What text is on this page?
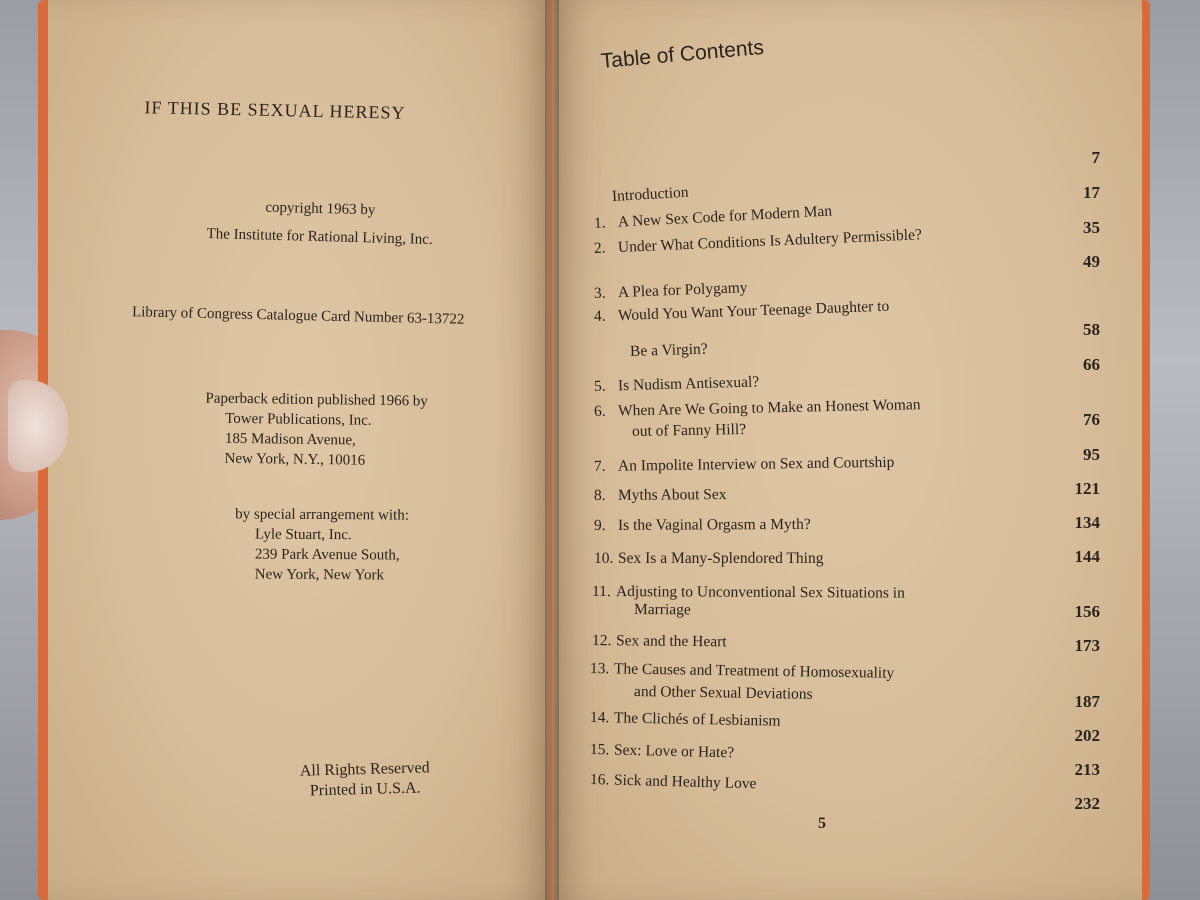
IF THIS BE SEXUAL HERESY
copyright 1963 by
The Institute for Rational Living, Inc.
Library of Congress Catalogue Card Number 63-13722
Paperback edition published 1966 by
Tower Publications, Inc.
185 Madison Avenue,
New York, N.Y., 10016
by special arrangement with:
Lyle Stuart, Inc.
239 Park Avenue South,
New York, New York
All Rights Reserved
Printed in U.S.A.
Table of Contents
Introduction
1.A New Sex Code for Modern Man
2.Under What Conditions Is Adultery Permissible?
3.A Plea for Polygamy
4.Would You Want Your Teenage Daughter to
Be a Virgin?
5.Is Nudism Antisexual?
6.When Are We Going to Make an Honest Woman
out of Fanny Hill?
7.An Impolite Interview on Sex and Courtship
8.Myths About Sex
9.Is the Vaginal Orgasm a Myth?
10.Sex Is a Many-Splendored Thing
11.Adjusting to Unconventional Sex Situations in
Marriage
12.Sex and the Heart
13.The Causes and Treatment of Homosexuality
and Other Sexual Deviations
14.The Clichés of Lesbianism
15.Sex: Love or Hate?
16.Sick and Healthy Love
7
17
35
49
58
66
76
95
121
134
144
156
173
187
202
213
232
5
